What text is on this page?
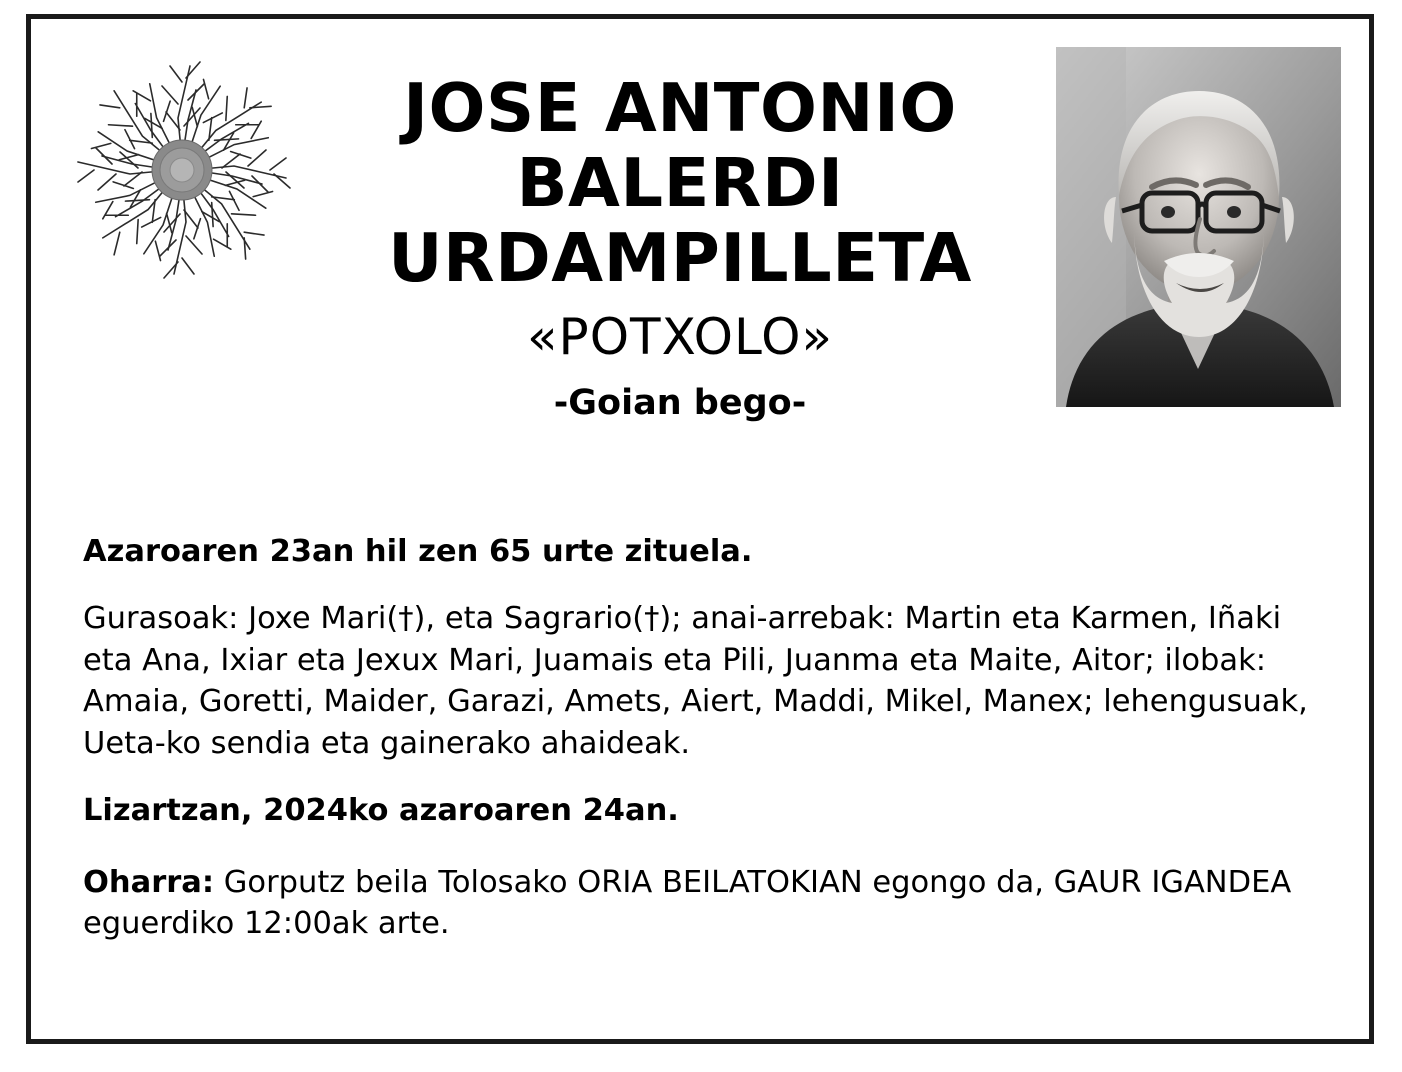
JOSE ANTONIO
BALERDI
URDAMPILLETA
«POTXOLO»
-Goian bego-
Azaroaren 23an hil zen 65 urte zituela.
Gurasoak: Joxe Mari(†), eta Sagrario(†); anai-arrebak: Martin eta Karmen, Iñaki eta Ana, Ixiar eta Jexux Mari, Juamais eta Pili, Juanma eta Maite, Aitor; ilobak: Amaia, Goretti, Maider, Garazi, Amets, Aiert, Maddi, Mikel, Manex; lehengusuak, Ueta-ko sendia eta gainerako ahaideak.
Lizartzan, 2024ko azaroaren 24an.
Oharra: Gorputz beila Tolosako ORIA BEILATOKIAN egongo da, GAUR IGANDEA eguerdiko 12:00ak arte.
